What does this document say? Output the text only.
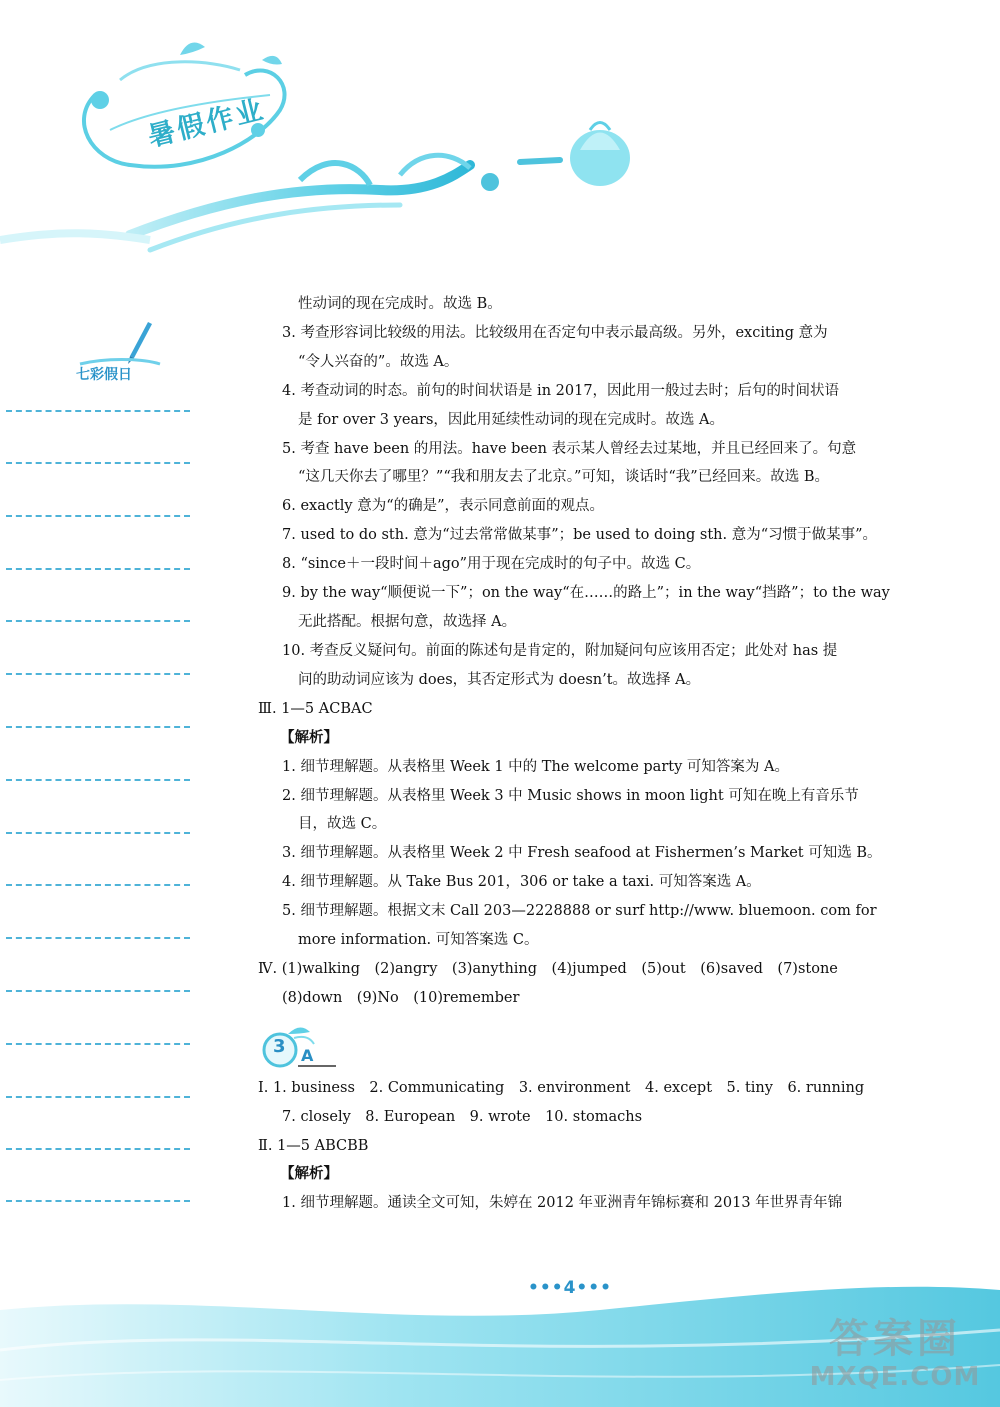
暑假作业
七彩假日
性动词的现在完成时。故选 B。
3. 考查形容词比较级的用法。比较级用在否定句中表示最高级。另外，exciting 意为
“令人兴奋的”。故选 A。
4. 考查动词的时态。前句的时间状语是 in 2017，因此用一般过去时；后句的时间状语
是 for over 3 years，因此用延续性动词的现在完成时。故选 A。
5. 考查 have been 的用法。have been 表示某人曾经去过某地，并且已经回来了。句意
“这几天你去了哪里？”“我和朋友去了北京。”可知，谈话时“我”已经回来。故选 B。
6. exactly 意为“的确是”，表示同意前面的观点。
7. used to do sth. 意为“过去常常做某事”；be used to doing sth. 意为“习惯于做某事”。
8. “since＋一段时间＋ago”用于现在完成时的句子中。故选 C。
9. by the way“顺便说一下”；on the way“在……的路上”；in the way“挡路”；to the way
无此搭配。根据句意，故选择 A。
10. 考查反义疑问句。前面的陈述句是肯定的，附加疑问句应该用否定；此处对 has 提
问的助动词应该为 does，其否定形式为 doesn’t。故选择 A。
Ⅲ. 1—5 ACBAC
【解析】
1. 细节理解题。从表格里 Week 1 中的 The welcome party 可知答案为 A。
2. 细节理解题。从表格里 Week 3 中 Music shows in moon light 可知在晚上有音乐节
目，故选 C。
3. 细节理解题。从表格里 Week 2 中 Fresh seafood at Fishermen’s Market 可知选 B。
4. 细节理解题。从 Take Bus 201，306 or take a taxi. 可知答案选 A。
5. 细节理解题。根据文末 Call 203—2228888 or surf http://www. bluemoon. com for
more information. 可知答案选 C。
Ⅳ. (1)walking　(2)angry　(3)anything　(4)jumped　(5)out　(6)saved　(7)stone
(8)down　(9)No　(10)remember
3 A
Ⅰ. 1. business　2. Communicating　3. environment　4. except　5. tiny　6. running
7. closely　8. European　9. wrote　10. stomachs
Ⅱ. 1—5 ABCBB
【解析】
1. 细节理解题。通读全文可知，朱婷在 2012 年亚洲青年锦标赛和 2013 年世界青年锦
•••4•••
答案圈
MXQE.COM
